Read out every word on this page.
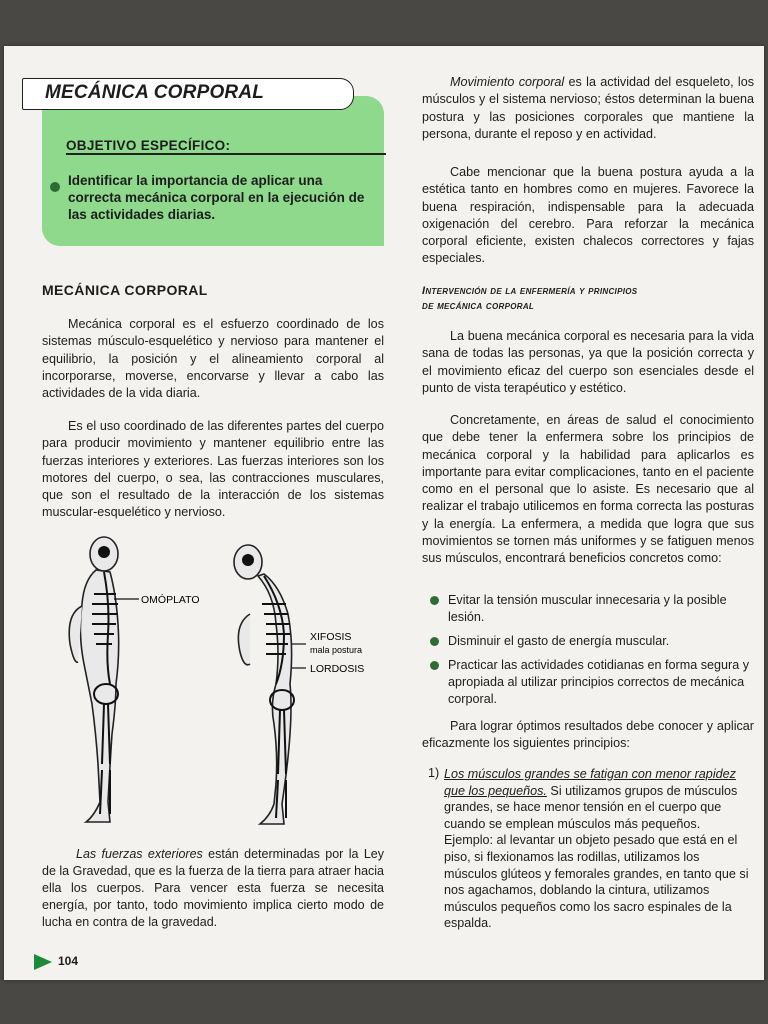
MECÁNICA CORPORAL
OBJETIVO ESPECÍFICO:
Identificar la importancia de aplicar una correcta mecánica corporal en la ejecución de las actividades diarias.
MECÁNICA CORPORAL

Mecánica corporal es el esfuerzo coordinado de los sistemas músculo-esquelético y nervioso para mantener el equilibrio, la posición y el alineamiento corporal al incorporarse, moverse, encorvarse y llevar a cabo las actividades de la vida diaria.

Es el uso coordinado de las diferentes partes del cuerpo para producir movimiento y mantener equilibrio entre las fuerzas interiores y exteriores. Las fuerzas interiores son los motores del cuerpo, o sea, las contracciones musculares, que son el resultado de la interacción de los sistemas muscular-esquelético y nervioso.

OMÓPLATO
XIFOSIS
mala postura
LORDOSIS

Las fuerzas exteriores están determinadas por la Ley de la Gravedad, que es la fuerza de la tierra para atraer hacia ella los cuerpos. Para vencer esta fuerza se necesita energía, por tanto, todo movimiento implica cierto modo de lucha en contra de la gravedad.

104

Movimiento corporal es la actividad del esqueleto, los músculos y el sistema nervioso; éstos determinan la buena postura y las posiciones corporales que mantiene la persona, durante el reposo y en actividad.

Cabe mencionar que la buena postura ayuda a la estética tanto en hombres como en mujeres. Favorece la buena respiración, indispensable para la adecuada oxigenación del cerebro. Para reforzar la mecánica corporal eficiente, existen chalecos correctores y fajas especiales.

Intervención de la enfermería y principios
de mecánica corporal

La buena mecánica corporal es necesaria para la vida sana de todas las personas, ya que la posición correcta y el movimiento eficaz del cuerpo son esenciales desde el punto de vista terapéutico y estético.

Concretamente, en áreas de salud el conocimiento que debe tener la enfermera sobre los principios de mecánica corporal y la habilidad para aplicarlos es importante para evitar complicaciones, tanto en el paciente como en el personal que lo asiste. Es necesario que al realizar el trabajo utilicemos en forma correcta las posturas y la energía. La enfermera, a medida que logra que sus movimientos se tornen más uniformes y se fatiguen menos sus músculos, encontrará beneficios concretos como:

Evitar la tensión muscular innecesaria y la posible lesión.
Disminuir el gasto de energía muscular.
Practicar las actividades cotidianas en forma segura y apropiada al utilizar principios correctos de mecánica corporal.

Para lograr óptimos resultados debe conocer y aplicar eficazmente los siguientes principios:

1) Los músculos grandes se fatigan con menor rapidez que los pequeños. Si utilizamos grupos de músculos grandes, se hace menor tensión en el cuerpo que cuando se emplean músculos más pequeños. Ejemplo: al levantar un objeto pesado que está en el piso, si flexionamos las rodillas, utilizamos los músculos glúteos y femorales grandes, en tanto que si nos agachamos, doblando la cintura, utilizamos músculos pequeños como los sacro espinales de la espalda.
